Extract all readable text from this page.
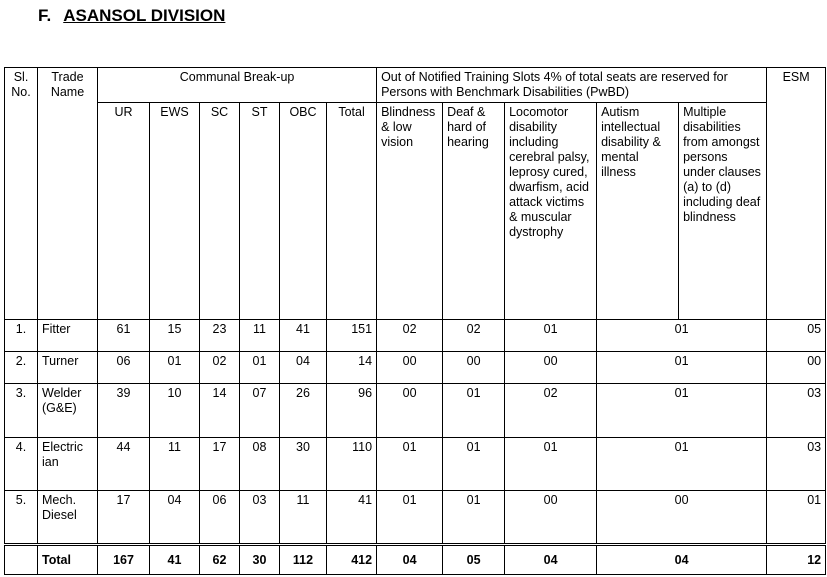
F. ASANSOL DIVISION
Sl. No.	Trade Name	Communal Break-up						Out of Notified Training Slots 4% of total seats are reserved for Persons with Benchmark Disabilities (PwBD)					ESM
		UR	EWS	SC	ST	OBC	Total	Blindness & low vision	Deaf & hard of hearing	Locomotor disability including cerebral palsy, leprosy cured, dwarfism, acid attack victims & muscular dystrophy	Autism intellectual disability & mental illness	Multiple disabilities from amongst persons under clauses (a) to (d) including deaf blindness	

1.	Fitter	61	15	23	11	41	151	02	02	01	01		05
2.	Turner	06	01	02	01	04	14	00	00	00	01		00
3.	Welder (G&E)	39	10	14	07	26	96	00	01	02	01		03
4.	Electric ian	44	11	17	08	30	110	01	01	01	01		03
5.	Mech. Diesel	17	04	06	03	11	41	01	01	00	00		01
	Total	167	41	62	30	112	412	04	05	04	04		12
